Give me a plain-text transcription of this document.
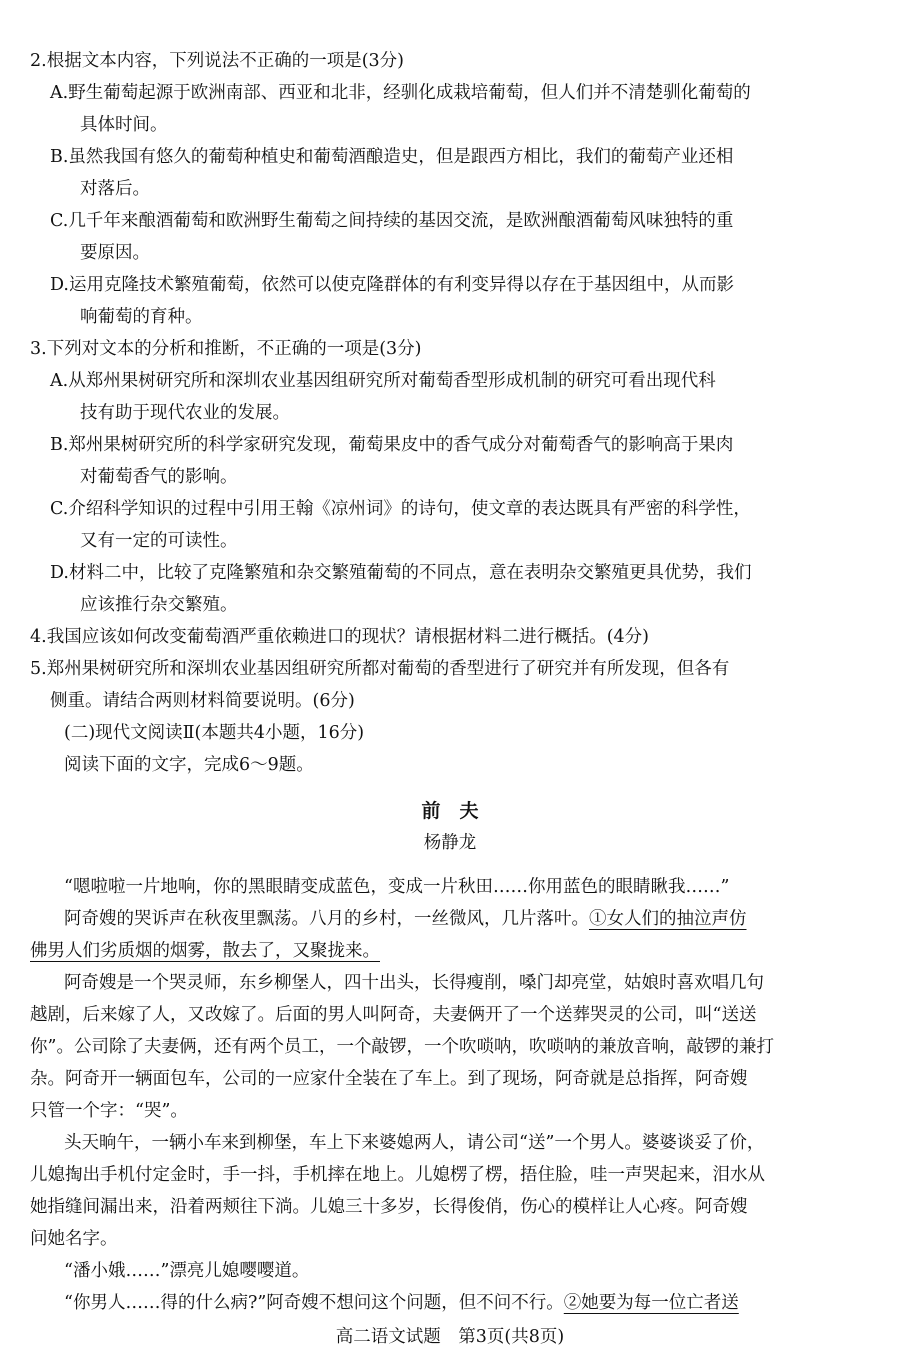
2.根据文本内容，下列说法不正确的一项是(3分)
A.野生葡萄起源于欧洲南部、西亚和北非，经驯化成栽培葡萄，但人们并不清楚驯化葡萄的
具体时间。
B.虽然我国有悠久的葡萄种植史和葡萄酒酿造史，但是跟西方相比，我们的葡萄产业还相
对落后。
C.几千年来酿酒葡萄和欧洲野生葡萄之间持续的基因交流，是欧洲酿酒葡萄风味独特的重
要原因。
D.运用克隆技术繁殖葡萄，依然可以使克隆群体的有利变异得以存在于基因组中，从而影
响葡萄的育种。
3.下列对文本的分析和推断，不正确的一项是(3分)
A.从郑州果树研究所和深圳农业基因组研究所对葡萄香型形成机制的研究可看出现代科
技有助于现代农业的发展。
B.郑州果树研究所的科学家研究发现，葡萄果皮中的香气成分对葡萄香气的影响高于果肉
对葡萄香气的影响。
C.介绍科学知识的过程中引用王翰《凉州词》的诗句，使文章的表达既具有严密的科学性，
又有一定的可读性。
D.材料二中，比较了克隆繁殖和杂交繁殖葡萄的不同点，意在表明杂交繁殖更具优势，我们
应该推行杂交繁殖。
4.我国应该如何改变葡萄酒严重依赖进口的现状？请根据材料二进行概括。(4分)
5.郑州果树研究所和深圳农业基因组研究所都对葡萄的香型进行了研究并有所发现，但各有
侧重。请结合两则材料简要说明。(6分)
(二)现代文阅读Ⅱ(本题共4小题，16分)
阅读下面的文字，完成6～9题。
前　夫
杨静龙
“嗯啦啦一片地响，你的黑眼睛变成蓝色，变成一片秋田……你用蓝色的眼睛瞅我……”
阿奇嫂的哭诉声在秋夜里飘荡。八月的乡村，一丝微风，几片落叶。①女人们的抽泣声仿
佛男人们劣质烟的烟雾，散去了，又聚拢来。
阿奇嫂是一个哭灵师，东乡柳堡人，四十出头，长得瘦削，嗓门却亮堂，姑娘时喜欢唱几句
越剧，后来嫁了人，又改嫁了。后面的男人叫阿奇，夫妻俩开了一个送葬哭灵的公司，叫“送送
你”。公司除了夫妻俩，还有两个员工，一个敲锣，一个吹唢呐，吹唢呐的兼放音响，敲锣的兼打
杂。阿奇开一辆面包车，公司的一应家什全装在了车上。到了现场，阿奇就是总指挥，阿奇嫂
只管一个字：“哭”。
头天晌午，一辆小车来到柳堡，车上下来婆媳两人，请公司“送”一个男人。婆婆谈妥了价，
儿媳掏出手机付定金时，手一抖，手机摔在地上。儿媳楞了楞，捂住脸，哇一声哭起来，泪水从
她指缝间漏出来，沿着两颊往下淌。儿媳三十多岁，长得俊俏，伤心的模样让人心疼。阿奇嫂
问她名字。
“潘小娥……”漂亮儿媳嘤嘤道。
“你男人……得的什么病?”阿奇嫂不想问这个问题，但不问不行。②她要为每一位亡者送
高二语文试题　第3页(共8页)
